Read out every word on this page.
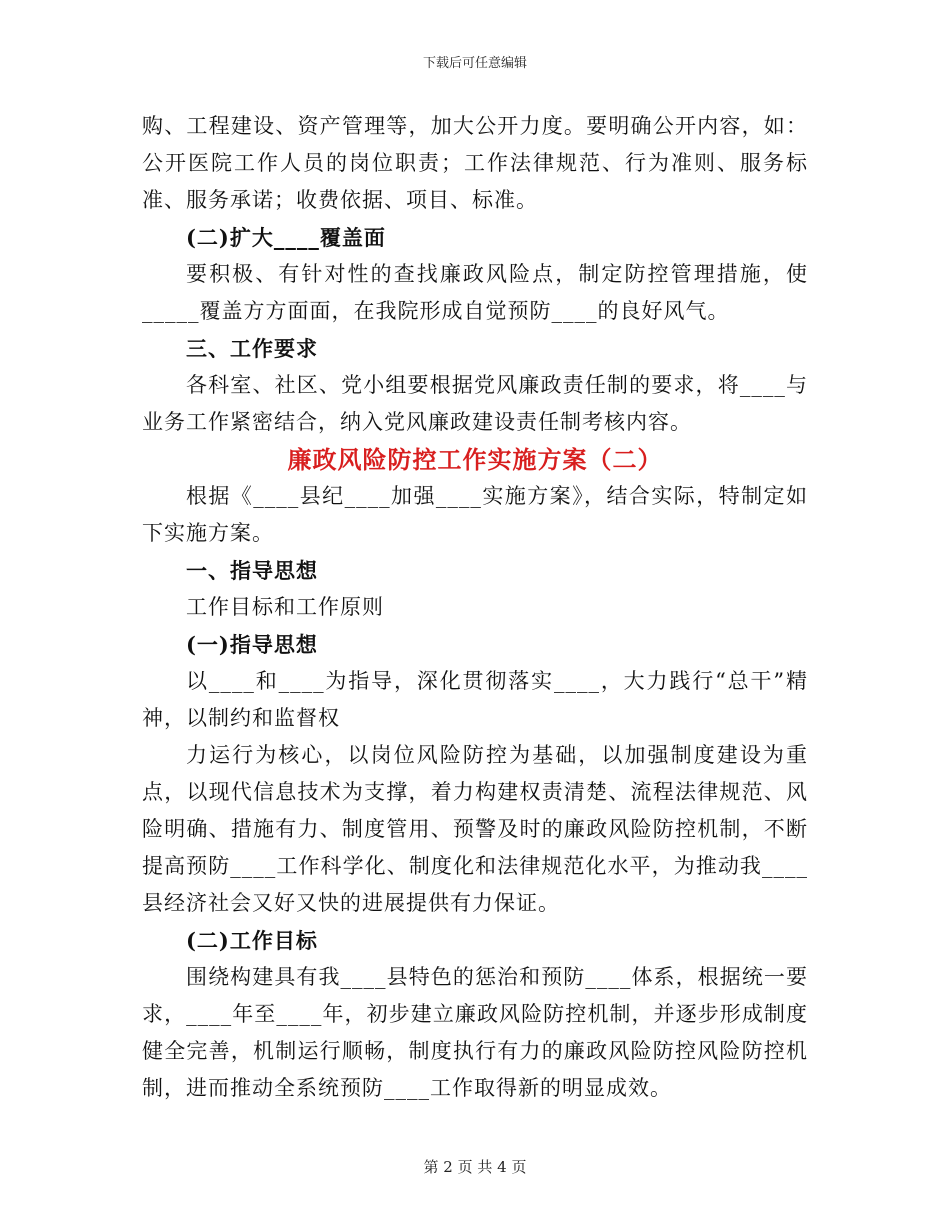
下载后可任意编辑

购、工程建设、资产管理等，加大公开力度。要明确公开内容，如：公开医院工作人员的岗位职责；工作法律规范、行为准则、服务标准、服务承诺；收费依据、项目、标准。

(二)扩大____覆盖面

要积极、有针对性的查找廉政风险点，制定防控管理措施，使_____覆盖方方面面，在我院形成自觉预防____的良好风气。

三、工作要求

各科室、社区、党小组要根据党风廉政责任制的要求，将____与业务工作紧密结合，纳入党风廉政建设责任制考核内容。

廉政风险防控工作实施方案（二）

根据《____县纪____加强____实施方案》，结合实际，特制定如下实施方案。

一、指导思想

工作目标和工作原则

(一)指导思想

以____和____为指导，深化贯彻落实____，大力践行“总干”精神，以制约和监督权

力运行为核心，以岗位风险防控为基础，以加强制度建设为重点，以现代信息技术为支撑，着力构建权责清楚、流程法律规范、风险明确、措施有力、制度管用、预警及时的廉政风险防控机制，不断提高预防____工作科学化、制度化和法律规范化水平，为推动我____县经济社会又好又快的进展提供有力保证。

(二)工作目标

围绕构建具有我____县特色的惩治和预防____体系，根据统一要求，____年至____年，初步建立廉政风险防控机制，并逐步形成制度健全完善，机制运行顺畅，制度执行有力的廉政风险防控风险防控机制，进而推动全系统预防____工作取得新的明显成效。

第 2 页 共 4 页
